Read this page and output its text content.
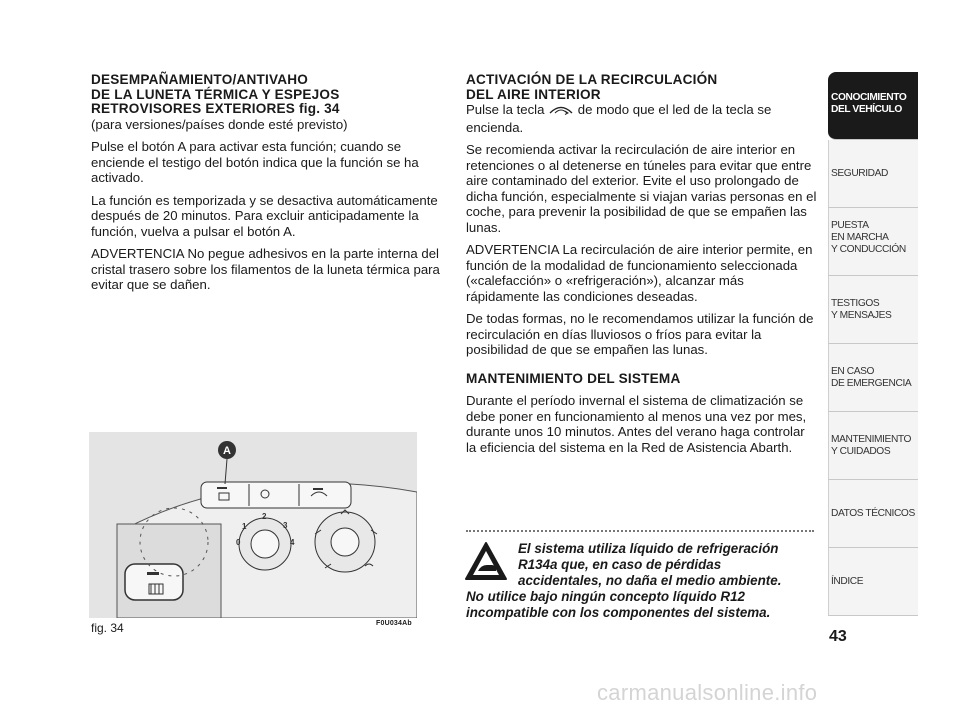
DESEMPAÑAMIENTO/ANTIVAHO
DE LA LUNETA TÉRMICA Y ESPEJOS
RETROVISORES EXTERIORES fig. 34

(para versiones/países donde esté previsto)

Pulse el botón A para activar esta función; cuando se enciende el testigo del botón indica que la función se ha activado.

La función es temporizada y se desactiva automáticamente después de 20 minutos. Para excluir anticipadamente la función, vuelva a pulsar el botón A.

ADVERTENCIA No pegue adhesivos en la parte interna del cristal trasero sobre los filamentos de la luneta térmica para evitar que se dañen.

A
0
1
2
3
4
fig. 34	F0U034Ab
ACTIVACIÓN DE LA RECIRCULACIÓN
DEL AIRE INTERIOR

Pulse la tecla	de modo que el led de la tecla se encienda.

Se recomienda activar la recirculación de aire interior en retenciones o al detenerse en túneles para evitar que entre aire contaminado del exterior. Evite el uso prolongado de dicha función, especialmente si viajan varias personas en el coche, para prevenir la posibilidad de que se empañen las lunas.

ADVERTENCIA La recirculación de aire interior permite, en función de la modalidad de funcionamiento seleccionada («calefacción» o «refrigeración»), alcanzar más rápidamente las condiciones deseadas.

De todas formas, no le recomendamos utilizar la función de recirculación en días lluviosos o fríos para evitar la posibilidad de que se empañen las lunas.

MANTENIMIENTO DEL SISTEMA

Durante el período invernal el sistema de climatización se debe poner en funcionamiento al menos una vez por mes, durante unos 10 minutos. Antes del verano haga controlar la eficiencia del sistema en la Red de Asistencia Abarth.

El sistema utiliza líquido de refrigeración
R134a que, en caso de pérdidas
accidentales, no daña el medio ambiente.
No utilice bajo ningún concepto líquido R12
incompatible con los componentes del sistema.
CONOCIMIENTO
DEL VEHÍCULO
SEGURIDAD
PUESTA
EN MARCHA
Y CONDUCCIÓN
TESTIGOS
Y MENSAJES
EN CASO
DE EMERGENCIA
MANTENIMIENTO
Y CUIDADOS
DATOS TÉCNICOS
ÍNDICE
43
carmanualsonline.info
